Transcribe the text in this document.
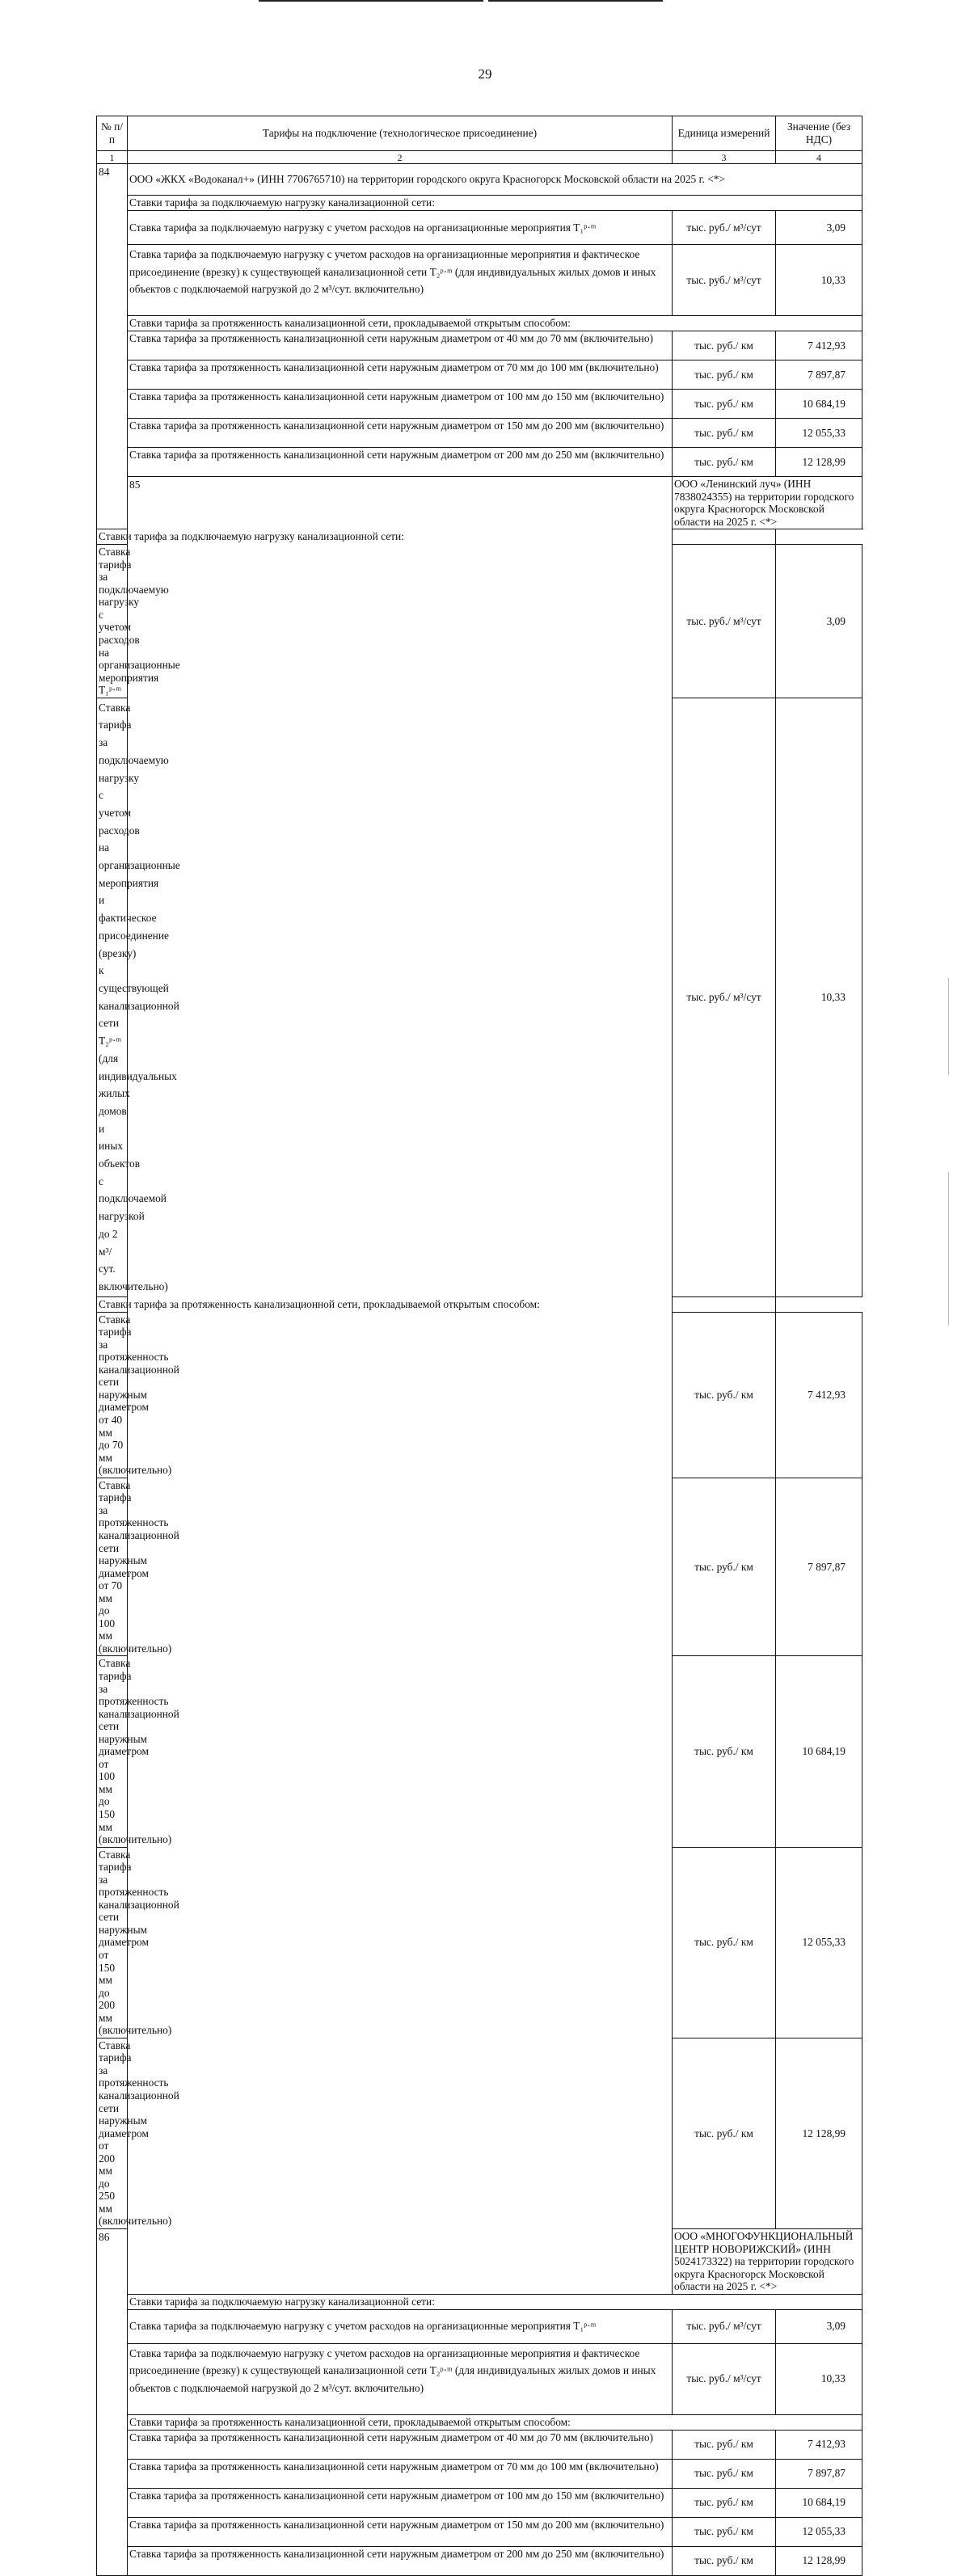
29
№ п/п	Тарифы на подключение (технологическое присоединение)	Единица измерений	Значение (без НДС)
1	2	3	4
84	ООО «ЖКХ «Водоканал+» (ИНН 7706765710) на территории городского округа Красногорск Московской области на 2025 г. <*>		
	Ставки тарифа за подключаемую нагрузку канализационной сети:		
	Ставка тарифа за подключаемую нагрузку с учетом расходов на организационные мероприятия T₁ᵖ·ᵐ	тыс. руб./ м³/сут	3,09

	Ставка тарифа за подключаемую нагрузку с учетом расходов на организационные мероприятия и фактическое присоединение (врезку) к существующей канализационной сети T₂ᵖ·ᵐ (для индивидуальных жилых домов и иных объектов с подключаемой нагрузкой до 2 м³/сут. включительно)	тыс. руб./ м³/сут	10,33
	Ставки тарифа за протяженность канализационной сети, прокладываемой открытым способом:		
	Ставка тарифа за протяженность канализационной сети наружным диаметром от 40 мм до 70 мм (включительно)	тыс. руб./ км	7 412,93
	Ставка тарифа за протяженность канализационной сети наружным диаметром от 70 мм до 100 мм (включительно)	тыс. руб./ км	7 897,87
	Ставка тарифа за протяженность канализационной сети наружным диаметром от 100 мм до 150 мм (включительно)	тыс. руб./ км	10 684,19
	Ставка тарифа за протяженность канализационной сети наружным диаметром от 150 мм до 200 мм (включительно)	тыс. руб./ км	12 055,33
	Ставка тарифа за протяженность канализационной сети наружным диаметром от 200 мм до 250 мм (включительно)	тыс. руб./ км	12 128,99
	85	ООО «Ленинский луч» (ИНН 7838024355) на территории городского округа Красногорск Московской области на 2025 г. <*>	
Ставки тарифа за подключаемую нагрузку канализационной сети:			
Ставка тарифа за подключаемую нагрузку с учетом расходов на организационные мероприятия T₁ᵖ·ᵐ		тыс. руб./ м³/сут	3,09

Ставка тарифа за подключаемую нагрузку с учетом расходов на организационные мероприятия и фактическое присоединение (врезку) к существующей канализационной сети T₂ᵖ·ᵐ (для индивидуальных жилых домов и иных объектов с подключаемой нагрузкой до 2 м³/сут. включительно)		тыс. руб./ м³/сут	10,33
Ставки тарифа за протяженность канализационной сети, прокладываемой открытым способом:			
Ставка тарифа за протяженность канализационной сети наружным диаметром от 40 мм до 70 мм (включительно)		тыс. руб./ км	7 412,93
Ставка тарифа за протяженность канализационной сети наружным диаметром от 70 мм до 100 мм (включительно)		тыс. руб./ км	7 897,87
Ставка тарифа за протяженность канализационной сети наружным диаметром от 100 мм до 150 мм (включительно)		тыс. руб./ км	10 684,19
Ставка тарифа за протяженность канализационной сети наружным диаметром от 150 мм до 200 мм (включительно)		тыс. руб./ км	12 055,33
Ставка тарифа за протяженность канализационной сети наружным диаметром от 200 мм до 250 мм (включительно)		тыс. руб./ км	12 128,99
86		ООО «МНОГОФУНКЦИОНАЛЬНЫЙ ЦЕНТР НОВОРИЖСКИЙ» (ИНН 5024173322) на территории городского округа Красногорск Московской области на 2025 г. <*>	
	Ставки тарифа за подключаемую нагрузку канализационной сети:		
	Ставка тарифа за подключаемую нагрузку с учетом расходов на организационные мероприятия T₁ᵖ·ᵐ	тыс. руб./ м³/сут	3,09

	Ставка тарифа за подключаемую нагрузку с учетом расходов на организационные мероприятия и фактическое присоединение (врезку) к существующей канализационной сети T₂ᵖ·ᵐ (для индивидуальных жилых домов и иных объектов с подключаемой нагрузкой до 2 м³/сут. включительно)	тыс. руб./ м³/сут	10,33
	Ставки тарифа за протяженность канализационной сети, прокладываемой открытым способом:		
	Ставка тарифа за протяженность канализационной сети наружным диаметром от 40 мм до 70 мм (включительно)	тыс. руб./ км	7 412,93
	Ставка тарифа за протяженность канализационной сети наружным диаметром от 70 мм до 100 мм (включительно)	тыс. руб./ км	7 897,87
	Ставка тарифа за протяженность канализационной сети наружным диаметром от 100 мм до 150 мм (включительно)	тыс. руб./ км	10 684,19
	Ставка тарифа за протяженность канализационной сети наружным диаметром от 150 мм до 200 мм (включительно)	тыс. руб./ км	12 055,33
	Ставка тарифа за протяженность канализационной сети наружным диаметром от 200 мм до 250 мм (включительно)	тыс. руб./ км	12 128,99
